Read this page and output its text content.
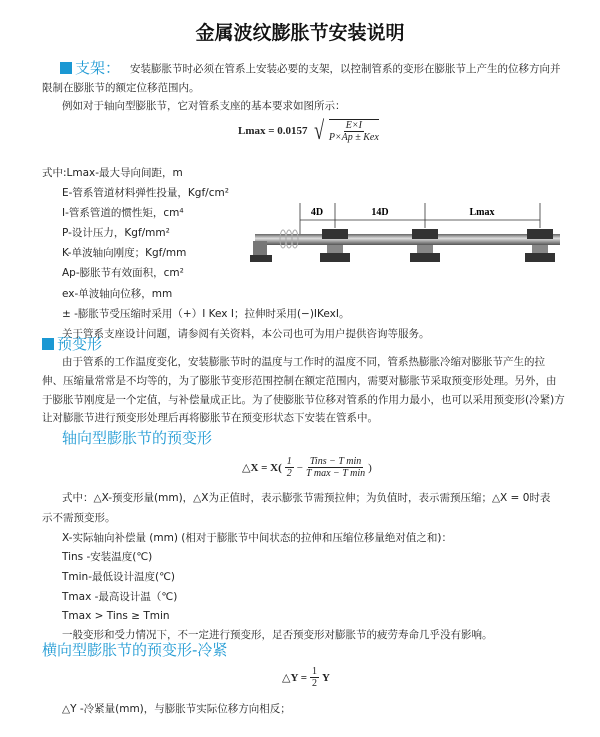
金属波纹膨胀节安装说明
支架： 安装膨胀节时必须在管系上安装必要的支架，以控制管系的变形在膨胀节上产生的位移方向并
限制在膨胀节的额定位移范围内。
例如对于轴向型膨胀节，它对管系支座的基本要求如图所示：
Lmax = 0.0157 √ $\frac{E\times I}{\text{P×Ap ± Kex}}$
式中:Lmax-最大导向间距，m
E-管系管道材料弹性投量，Kgf/cm²
I-管系管道的惯性矩，cm⁴
P-设计压力，Kgf/mm²
K-单波轴向刚度；Kgf/mm
Ap-膨胀节有效面积，cm²
ex-单波轴向位移，mm
± -膨胀节受压缩时采用（+）I Kex I；拉伸时采用(−)IKexI。
关于管系支座设计问题，请参阅有关资料，本公司也可为用户提供咨询等服务。
4D	14D	Lmax
预变形
由于管系的工作温度变化，安装膨胀节时的温度与工作时的温度不同，管系热膨胀冷缩对膨胀节产生的拉
伸、压缩量常常是不均等的，为了膨胀节变形范围控制在额定范围内，需要对膨胀节采取预变形处理。另外，由
于膨胀节刚度是一个定值，与补偿量成正比。为了使膨胀节位移对管系的作用力最小，也可以采用预变形(冷紧)方
让对膨胀节进行预变形处理后再将膨胀节在预变形状态下安装在管系中。
轴向型膨胀节的预变形
△X = $X( \frac{1}{2} - \frac{\text{Tins − T min}}{\text{T max − T min}}$ )
式中：△X-预变形量(mm)，△X为正值时，表示膨张节需预拉伸；为负值时，表示需预压缩；△X = 0时表
示不需预变形。
X-实际轴向补偿量 (mm) (相对于膨胀节中间状态的拉伸和压缩位移量绝对值之和)：
Tins -安装温度(℃)
Tmin-最低设计温度(℃)
Tmax -最高设计温（℃)
Tmax > Tins ≥ Tmin
一般变形和受力情况下，不一定进行预变形，足否预变形对膨胀节的疲劳寿命几乎没有影响。
横向型膨胀节的预变形-冷紧
△Y = $\frac{1}{2}$ Y
△Y -冷紧量(mm)，与膨胀节实际位移方向相反；
